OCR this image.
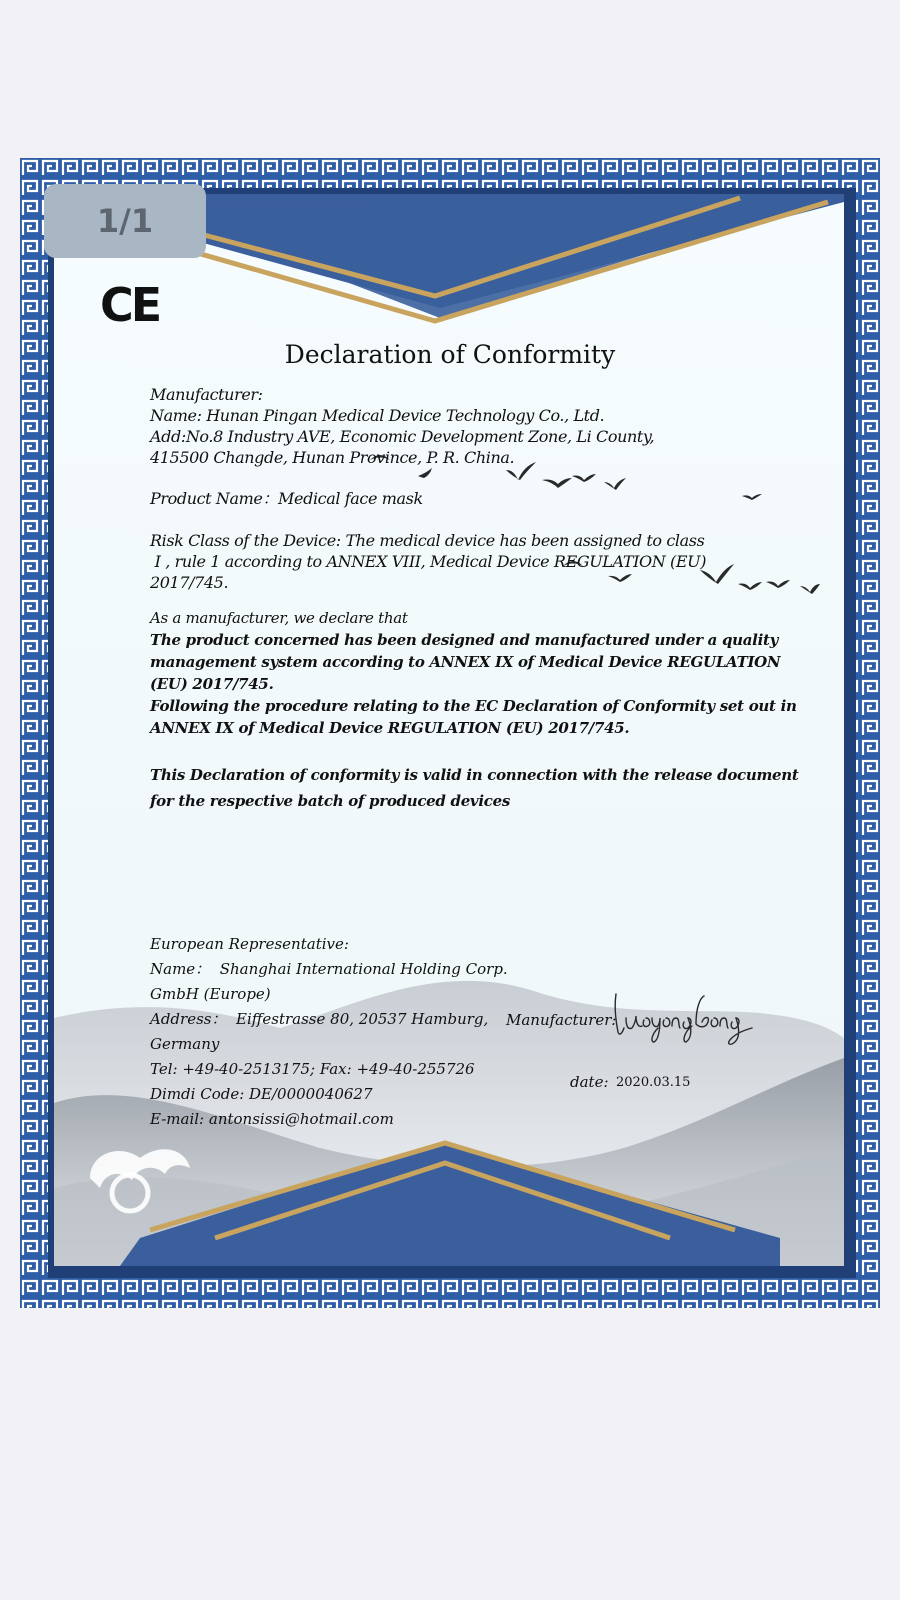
1/1
CE
Declaration of Conformity
Manufacturer:
Name: Hunan Pingan Medical Device Technology Co., Ltd.
Add:No.8 Industry AVE, Economic Development Zone, Li County,
415500 Changde, Hunan Province, P. R. China.
Product Name：Medical face mask
Risk Class of the Device: The medical device has been assigned to class
Ⅰ , rule 1 according to ANNEX VIII, Medical Device REGULATION (EU)
2017/745.
As a manufacturer, we declare that
The product concerned has been designed and manufactured under a quality
management system according to ANNEX IX of Medical Device REGULATION
(EU) 2017/745.
Following the procedure relating to the EC Declaration of Conformity set out in
ANNEX IX of Medical Device REGULATION (EU) 2017/745.
This Declaration of conformity is valid in connection with the release document
for the respective batch of produced devices
European Representative:
Name：  Shanghai International Holding Corp.
GmbH (Europe)
Address：  Eiffestrasse 80, 20537 Hamburg,
Germany
Tel: +49-40-2513175; Fax: +49-40-255726
Dimdi Code: DE/0000040627
E-mail: antonsissi@hotmail.com
Manufacturer:
date: 2020.03.15
